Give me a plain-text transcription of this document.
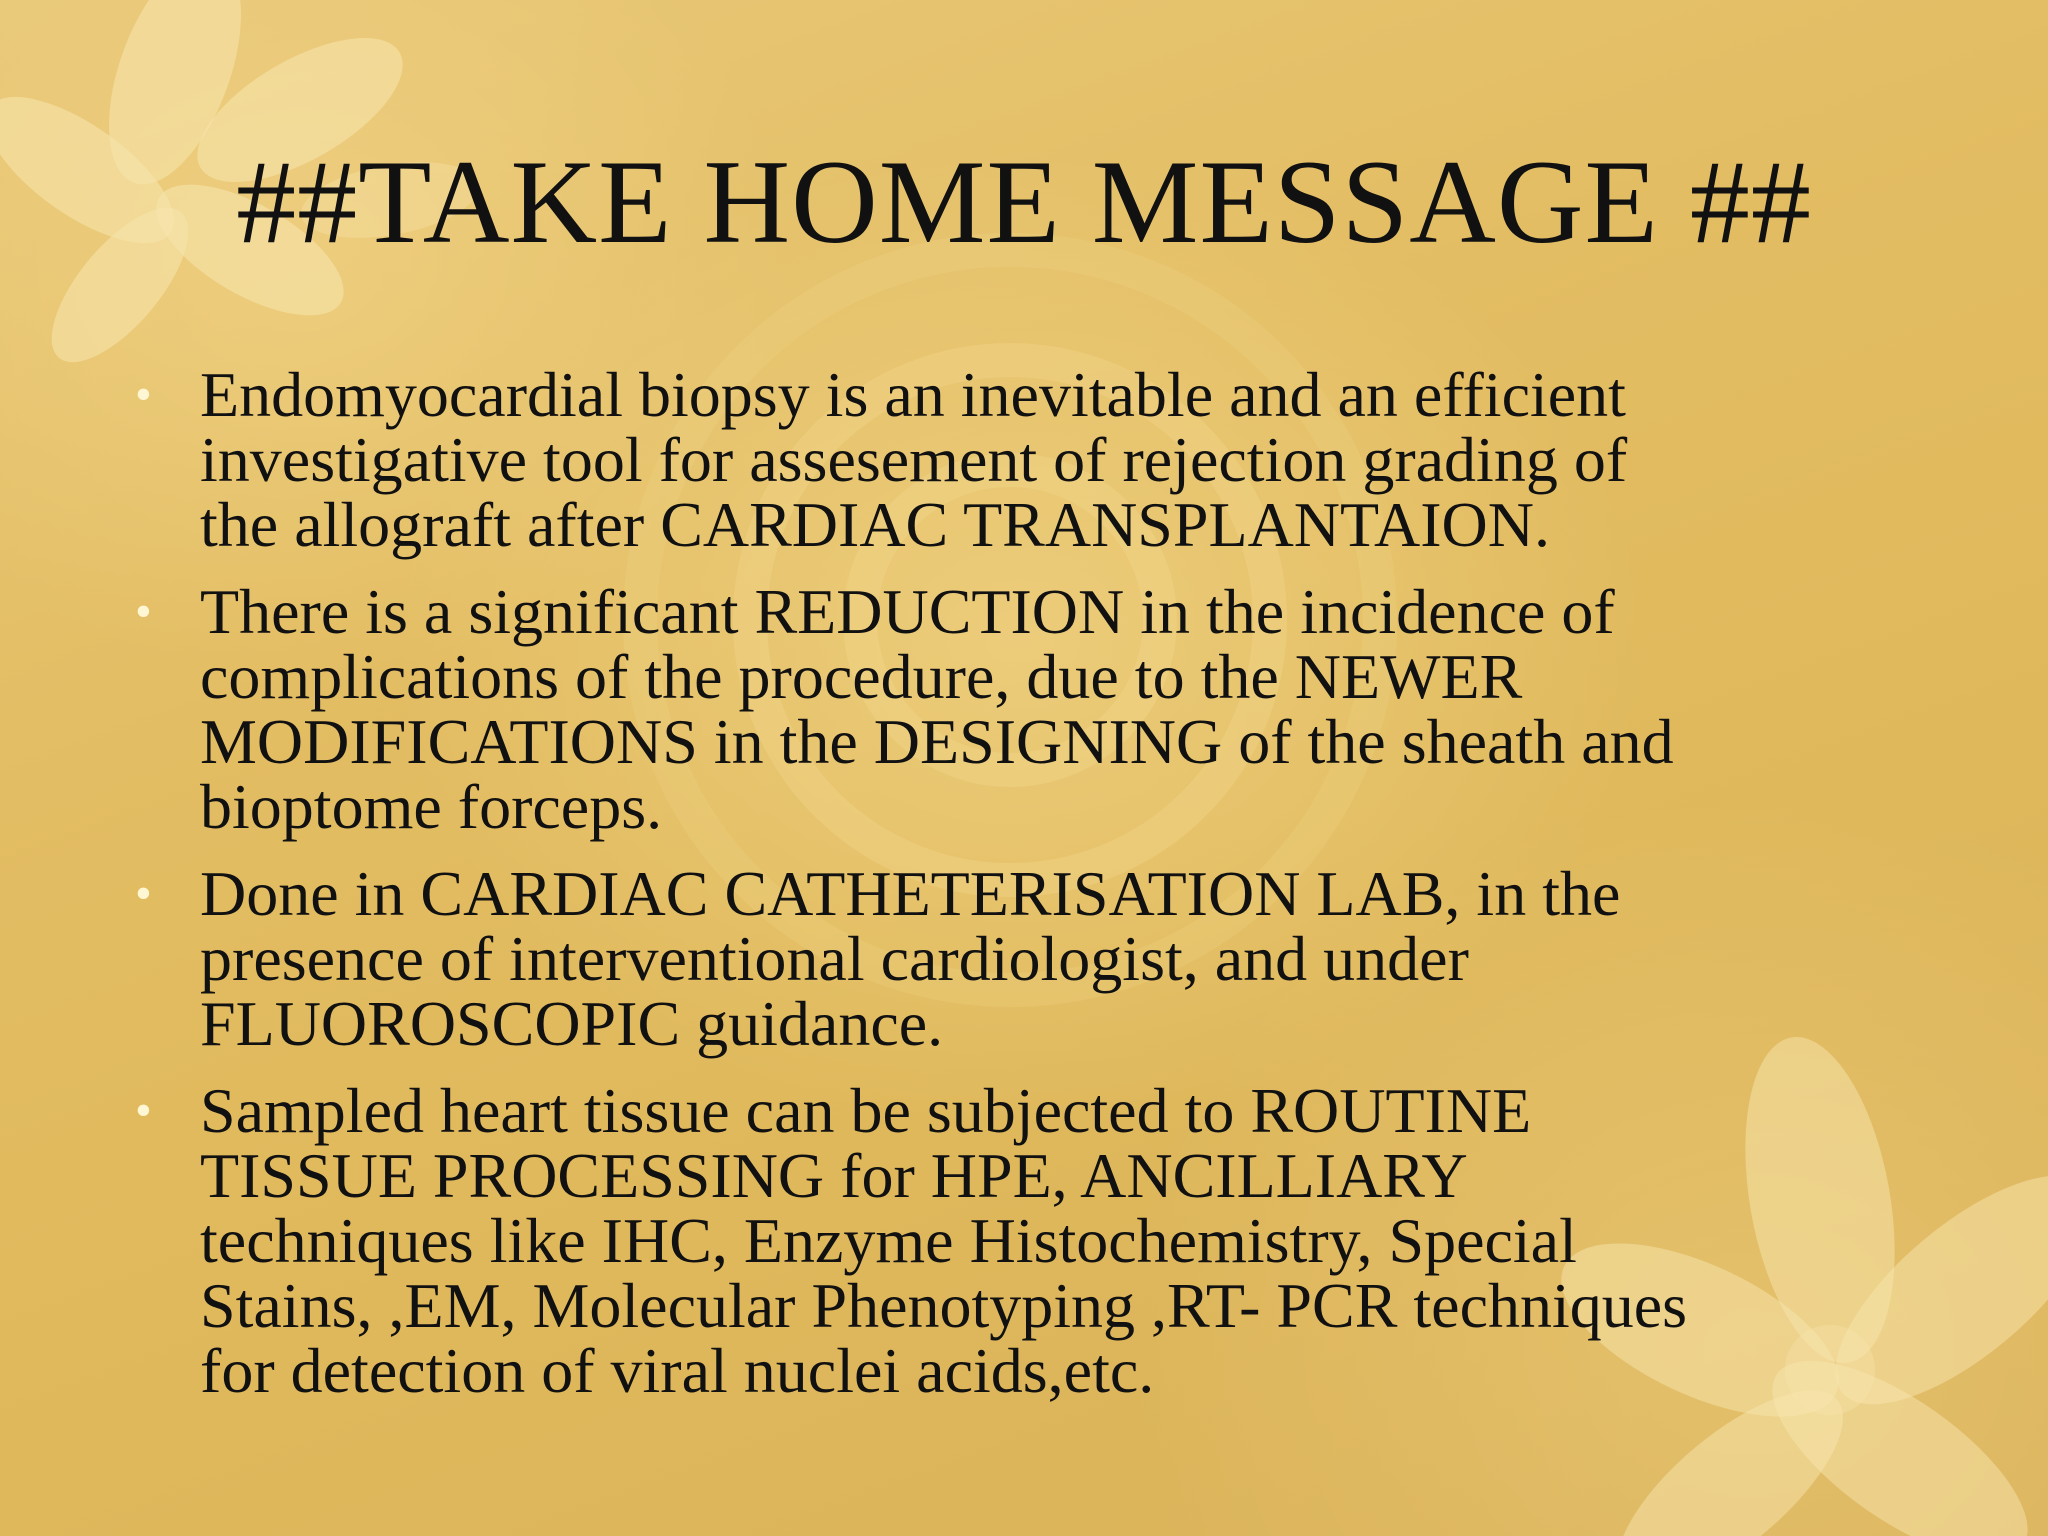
##TAKE HOME MESSAGE ##
• Endomyocardial biopsy is an inevitable and an efficient
investigative tool for assesement of rejection grading of
the allograft after CARDIAC TRANSPLANTAION.
• There is a significant REDUCTION in the incidence of
complications of the procedure, due to the NEWER
MODIFICATIONS in the DESIGNING of the sheath and
bioptome forceps.
• Done in CARDIAC CATHETERISATION LAB, in the
presence of interventional cardiologist, and under
FLUOROSCOPIC guidance.
• Sampled heart tissue can be subjected to ROUTINE
TISSUE PROCESSING for HPE, ANCILLIARY
techniques like IHC, Enzyme Histochemistry, Special
Stains, ,EM, Molecular Phenotyping ,RT- PCR techniques
for detection of viral nuclei acids,etc.
